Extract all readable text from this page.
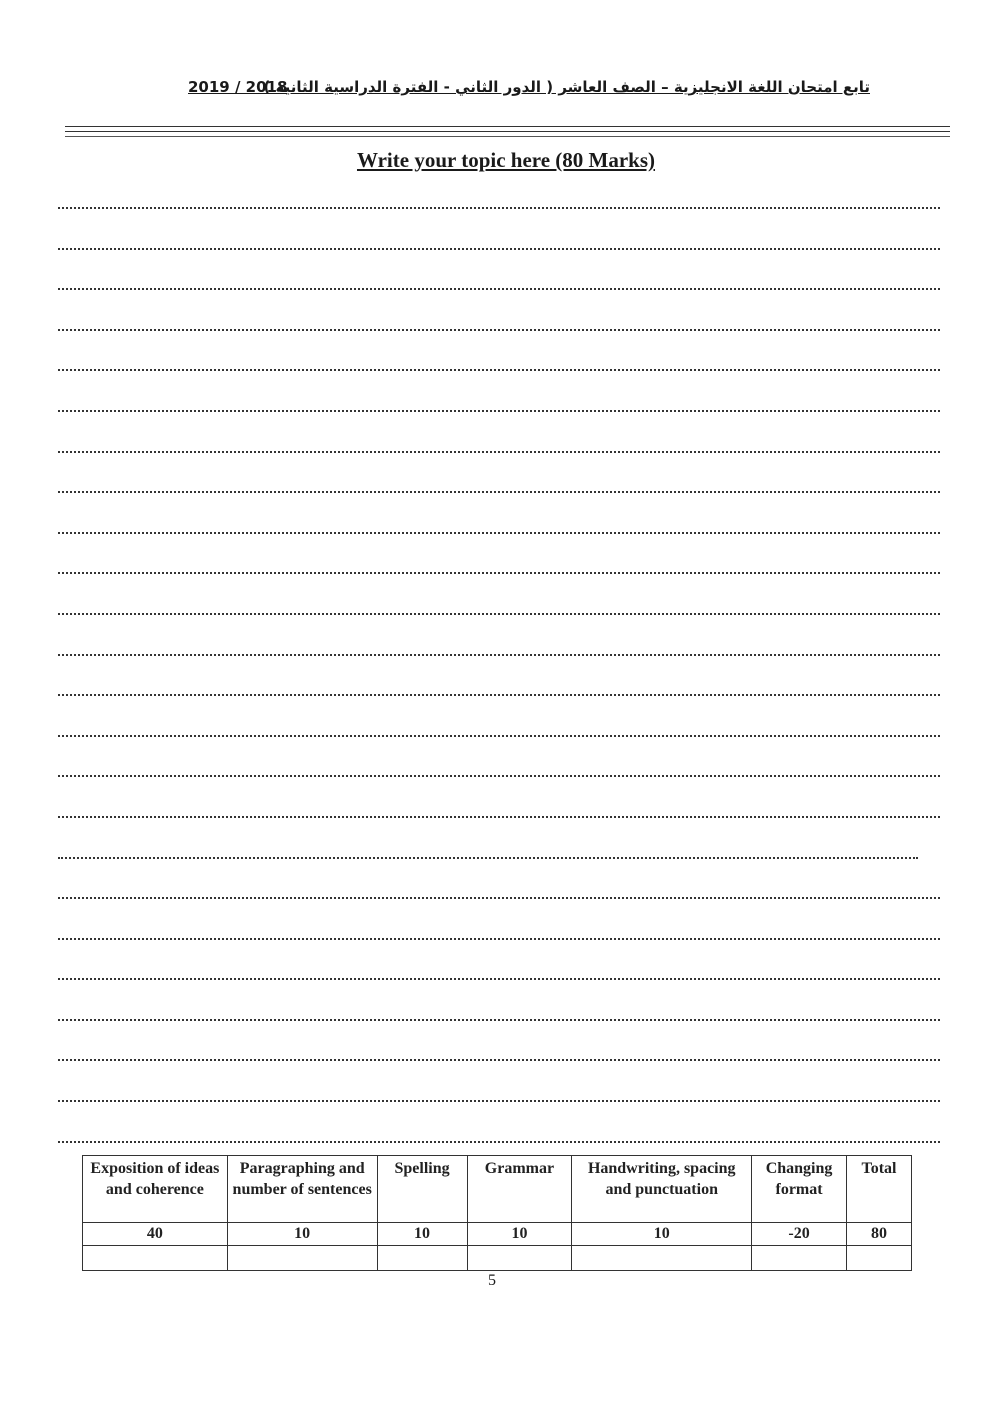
تابع امتحان اللغة الانجليزية – الصف العاشر ( الدور الثاني - الفترة الدراسية الثانية )
2019 / 2018
Write your topic here (80 Marks)
Exposition of ideas and coherence	Paragraphing and number of sentences	Spelling	Grammar	Handwriting, spacing and punctuation	Changing format	Total
40	10	10	10	10	-20	80

5
